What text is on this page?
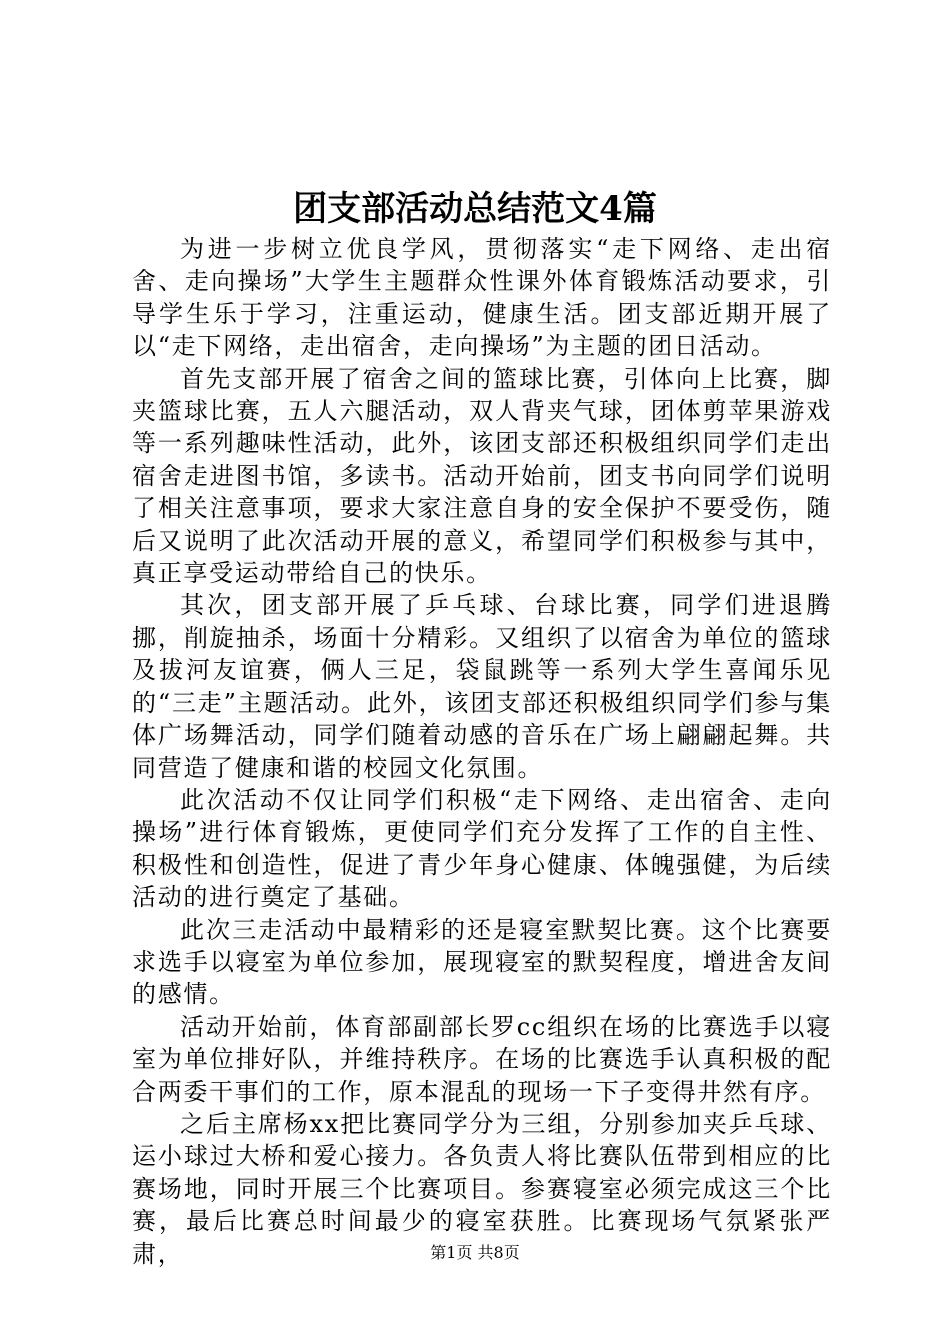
团支部活动总结范文4篇

为进一步树立优良学风，贯彻落实“走下网络、走出宿舍、走向操场”大学生主题群众性课外体育锻炼活动要求，引导学生乐于学习，注重运动，健康生活。团支部近期开展了以“走下网络，走出宿舍，走向操场”为主题的团日活动。

首先支部开展了宿舍之间的篮球比赛，引体向上比赛，脚夹篮球比赛，五人六腿活动，双人背夹气球，团体剪苹果游戏等一系列趣味性活动，此外，该团支部还积极组织同学们走出宿舍走进图书馆，多读书。活动开始前，团支书向同学们说明了相关注意事项，要求大家注意自身的安全保护不要受伤，随后又说明了此次活动开展的意义，希望同学们积极参与其中，真正享受运动带给自己的快乐。

其次，团支部开展了乒乓球、台球比赛，同学们进退腾挪，削旋抽杀，场面十分精彩。又组织了以宿舍为单位的篮球及拔河友谊赛，俩人三足，袋鼠跳等一系列大学生喜闻乐见的“三走”主题活动。此外，该团支部还积极组织同学们参与集体广场舞活动，同学们随着动感的音乐在广场上翩翩起舞。共同营造了健康和谐的校园文化氛围。

此次活动不仅让同学们积极“走下网络、走出宿舍、走向操场”进行体育锻炼，更使同学们充分发挥了工作的自主性、积极性和创造性，促进了青少年身心健康、体魄强健，为后续活动的进行奠定了基础。

此次三走活动中最精彩的还是寝室默契比赛。这个比赛要求选手以寝室为单位参加，展现寝室的默契程度，增进舍友间的感情。

活动开始前，体育部副部长罗cc组织在场的比赛选手以寝室为单位排好队，并维持秩序。在场的比赛选手认真积极的配合两委干事们的工作，原本混乱的现场一下子变得井然有序。

之后主席杨xx把比赛同学分为三组，分别参加夹乒乓球、运小球过大桥和爱心接力。各负责人将比赛队伍带到相应的比赛场地，同时开展三个比赛项目。参赛寝室必须完成这三个比赛，最后比赛总时间最少的寝室获胜。比赛现场气氛紧张严肃，	第1页 共8页
